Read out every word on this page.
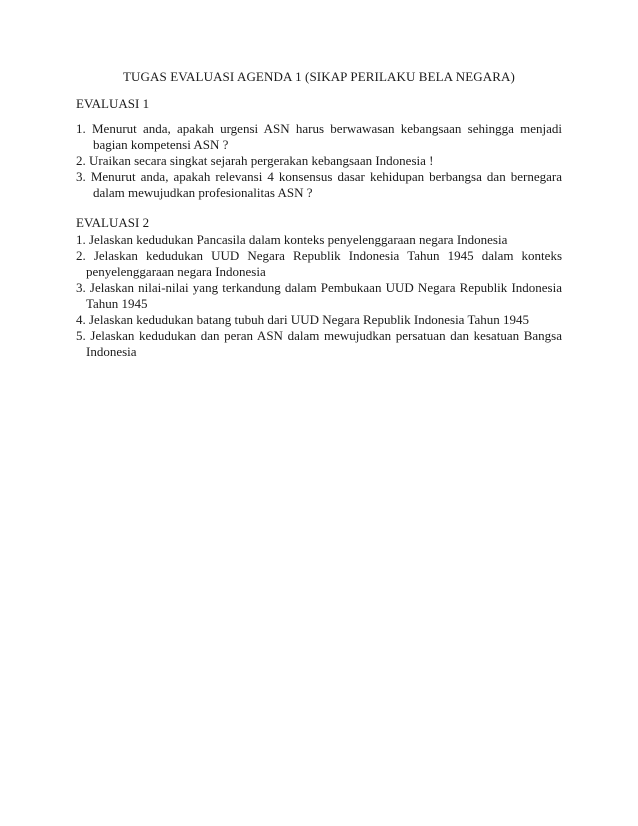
TUGAS EVALUASI AGENDA 1 (SIKAP PERILAKU BELA NEGARA)
EVALUASI 1
1. Menurut anda, apakah urgensi ASN harus berwawasan kebangsaan sehingga menjadi bagian kompetensi ASN ?
2. Uraikan secara singkat sejarah pergerakan kebangsaan Indonesia !
3. Menurut anda, apakah relevansi 4 konsensus dasar kehidupan berbangsa dan bernegara dalam mewujudkan profesionalitas ASN ?
EVALUASI 2
1. Jelaskan kedudukan Pancasila dalam konteks penyelenggaraan negara Indonesia
2. Jelaskan kedudukan UUD Negara Republik Indonesia Tahun 1945 dalam konteks penyelenggaraan negara Indonesia
3. Jelaskan nilai-nilai yang terkandung dalam Pembukaan UUD Negara Republik Indonesia Tahun 1945
4. Jelaskan kedudukan batang tubuh dari UUD Negara Republik Indonesia Tahun 1945
5. Jelaskan kedudukan dan peran ASN dalam mewujudkan persatuan dan kesatuan Bangsa Indonesia
